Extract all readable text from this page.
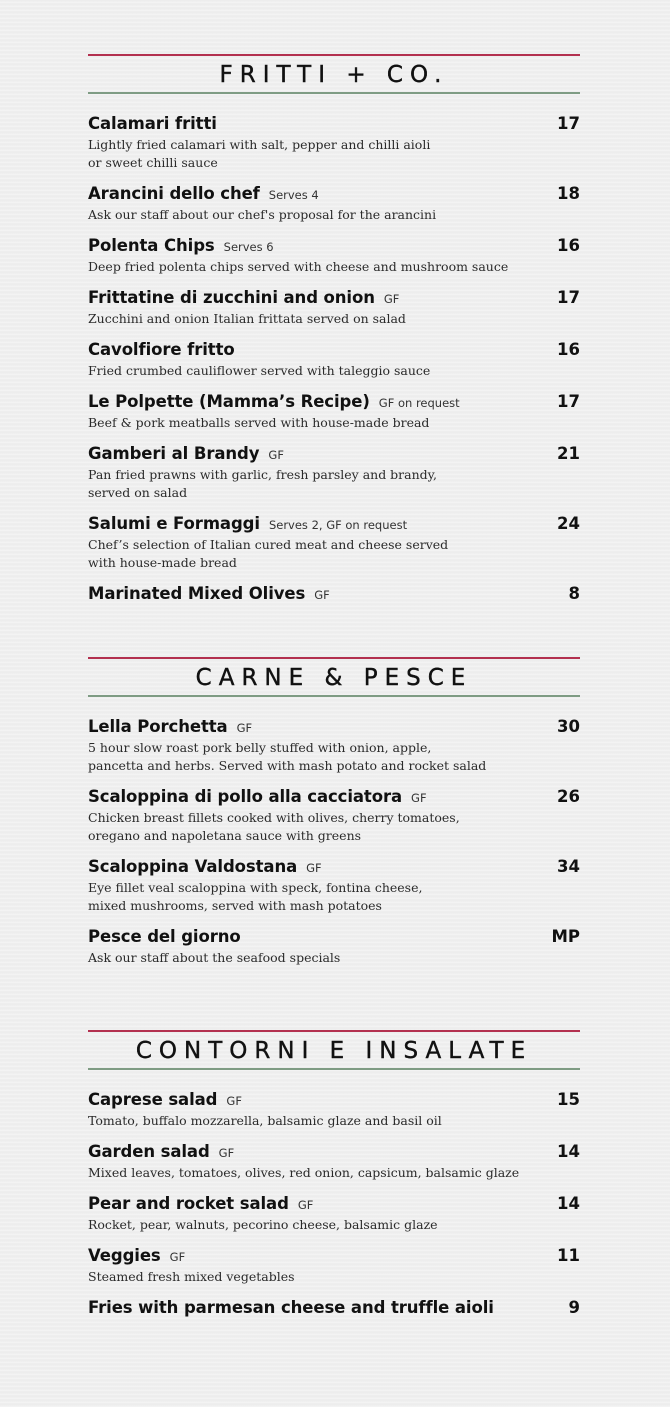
FRITTI + CO.
Calamari fritti	17
Lightly fried calamari with salt, pepper and chilli aioli
or sweet chilli sauce
Arancini dello chef Serves 4	18
Ask our staff about our chef's proposal for the arancini
Polenta Chips Serves 6	16
Deep fried polenta chips served with cheese and mushroom sauce
Frittatine di zucchini and onion GF	17
Zucchini and onion Italian frittata served on salad
Cavolfiore fritto	16
Fried crumbed cauliflower served with taleggio sauce
Le Polpette (Mamma’s Recipe) GF on request	17
Beef & pork meatballs served with house-made bread
Gamberi al Brandy GF	21
Pan fried prawns with garlic, fresh parsley and brandy,
served on salad
Salumi e Formaggi Serves 2, GF on request	24
Chef’s selection of Italian cured meat and cheese served
with house-made bread
Marinated Mixed Olives GF	8
CARNE & PESCE
Lella Porchetta GF	30
5 hour slow roast pork belly stuffed with onion, apple,
pancetta and herbs. Served with mash potato and rocket salad
Scaloppina di pollo alla cacciatora GF	26
Chicken breast fillets cooked with olives, cherry tomatoes,
oregano and napoletana sauce with greens
Scaloppina Valdostana GF	34
Eye fillet veal scaloppina with speck, fontina cheese,
mixed mushrooms, served with mash potatoes
Pesce del giorno	MP
Ask our staff about the seafood specials
CONTORNI E INSALATE
Caprese salad GF	15
Tomato, buffalo mozzarella, balsamic glaze and basil oil
Garden salad GF	14
Mixed leaves, tomatoes, olives, red onion, capsicum, balsamic glaze
Pear and rocket salad GF	14
Rocket, pear, walnuts, pecorino cheese, balsamic glaze
Veggies GF	11
Steamed fresh mixed vegetables
Fries with parmesan cheese and truffle aioli	9
